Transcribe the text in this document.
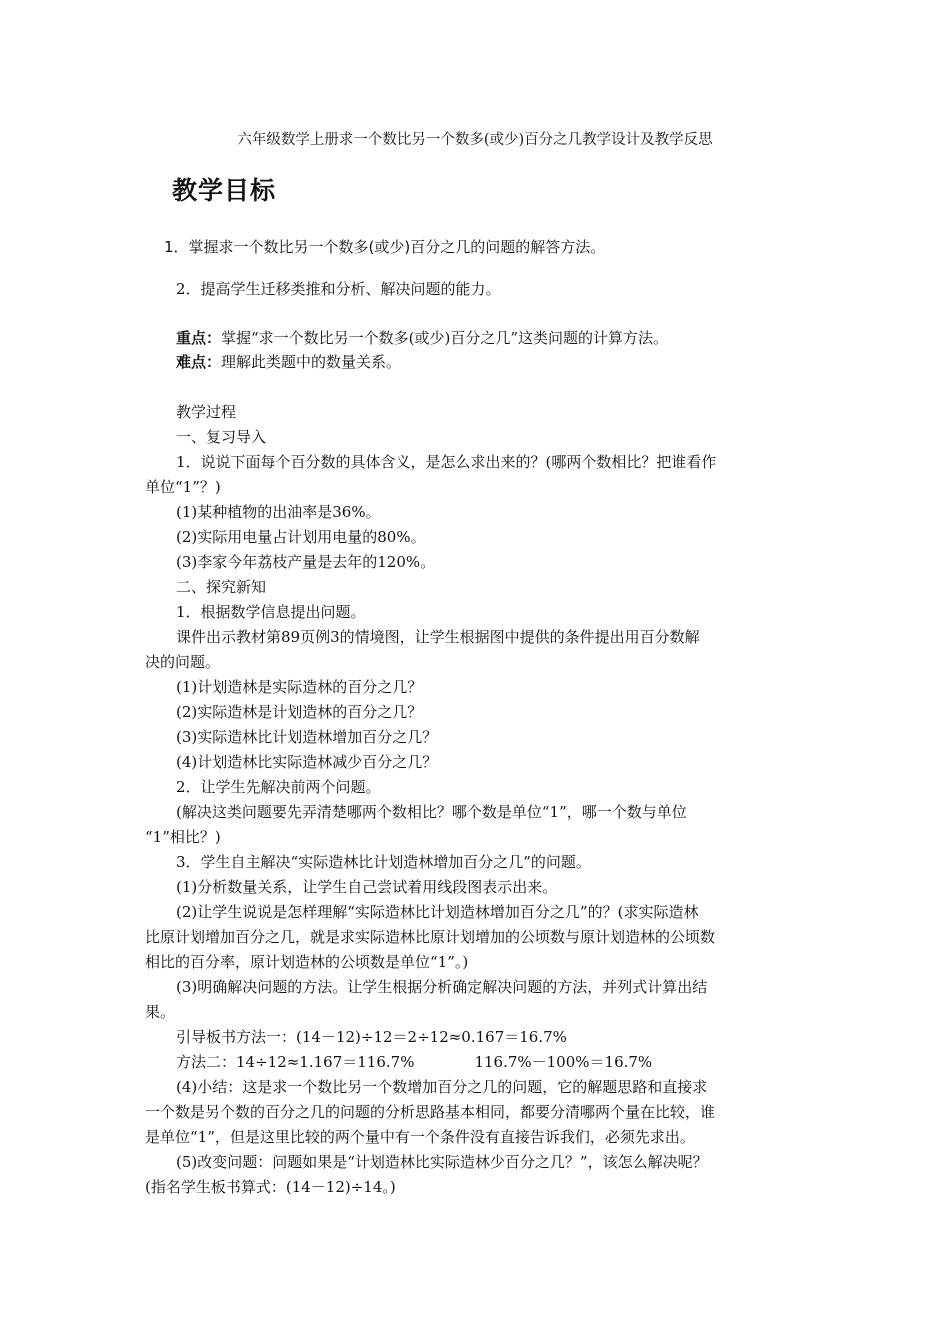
六年级数学上册求一个数比另一个数多(或少)百分之几教学设计及教学反思
教学目标
1．掌握求一个数比另一个数多(或少)百分之几的问题的解答方法。
2．提高学生迁移类推和分析、解决问题的能力。
重点：掌握“求一个数比另一个数多(或少)百分之几”这类问题的计算方法。
难点：理解此类题中的数量关系。
教学过程
一、复习导入
1．说说下面每个百分数的具体含义，是怎么求出来的？(哪两个数相比？把谁看作
单位“1”？)
(1)某种植物的出油率是36%。
(2)实际用电量占计划用电量的80%。
(3)李家今年荔枝产量是去年的120%。
二、探究新知
1．根据数学信息提出问题。
课件出示教材第89页例3的情境图，让学生根据图中提供的条件提出用百分数解
决的问题。
(1)计划造林是实际造林的百分之几？
(2)实际造林是计划造林的百分之几？
(3)实际造林比计划造林增加百分之几？
(4)计划造林比实际造林减少百分之几？
2．让学生先解决前两个问题。
(解决这类问题要先弄清楚哪两个数相比？哪个数是单位“1”，哪一个数与单位
“1”相比？)
3．学生自主解决“实际造林比计划造林增加百分之几”的问题。
(1)分析数量关系，让学生自己尝试着用线段图表示出来。
(2)让学生说说是怎样理解“实际造林比计划造林增加百分之几”的？(求实际造林
比原计划增加百分之几，就是求实际造林比原计划增加的公顷数与原计划造林的公顷数
相比的百分率，原计划造林的公顷数是单位“1”。)
(3)明确解决问题的方法。让学生根据分析确定解决问题的方法，并列式计算出结
果。
引导板书方法一：(14－12)÷12＝2÷12≈0.167＝16.7%
方法二：14÷12≈1.167＝116.7%　　　　116.7%－100%＝16.7%
(4)小结：这是求一个数比另一个数增加百分之几的问题，它的解题思路和直接求
一个数是另个数的百分之几的问题的分析思路基本相同，都要分清哪两个量在比较，谁
是单位“1”，但是这里比较的两个量中有一个条件没有直接告诉我们，必须先求出。
(5)改变问题：问题如果是“计划造林比实际造林少百分之几？”，该怎么解决呢？
(指名学生板书算式：(14－12)÷14。)
